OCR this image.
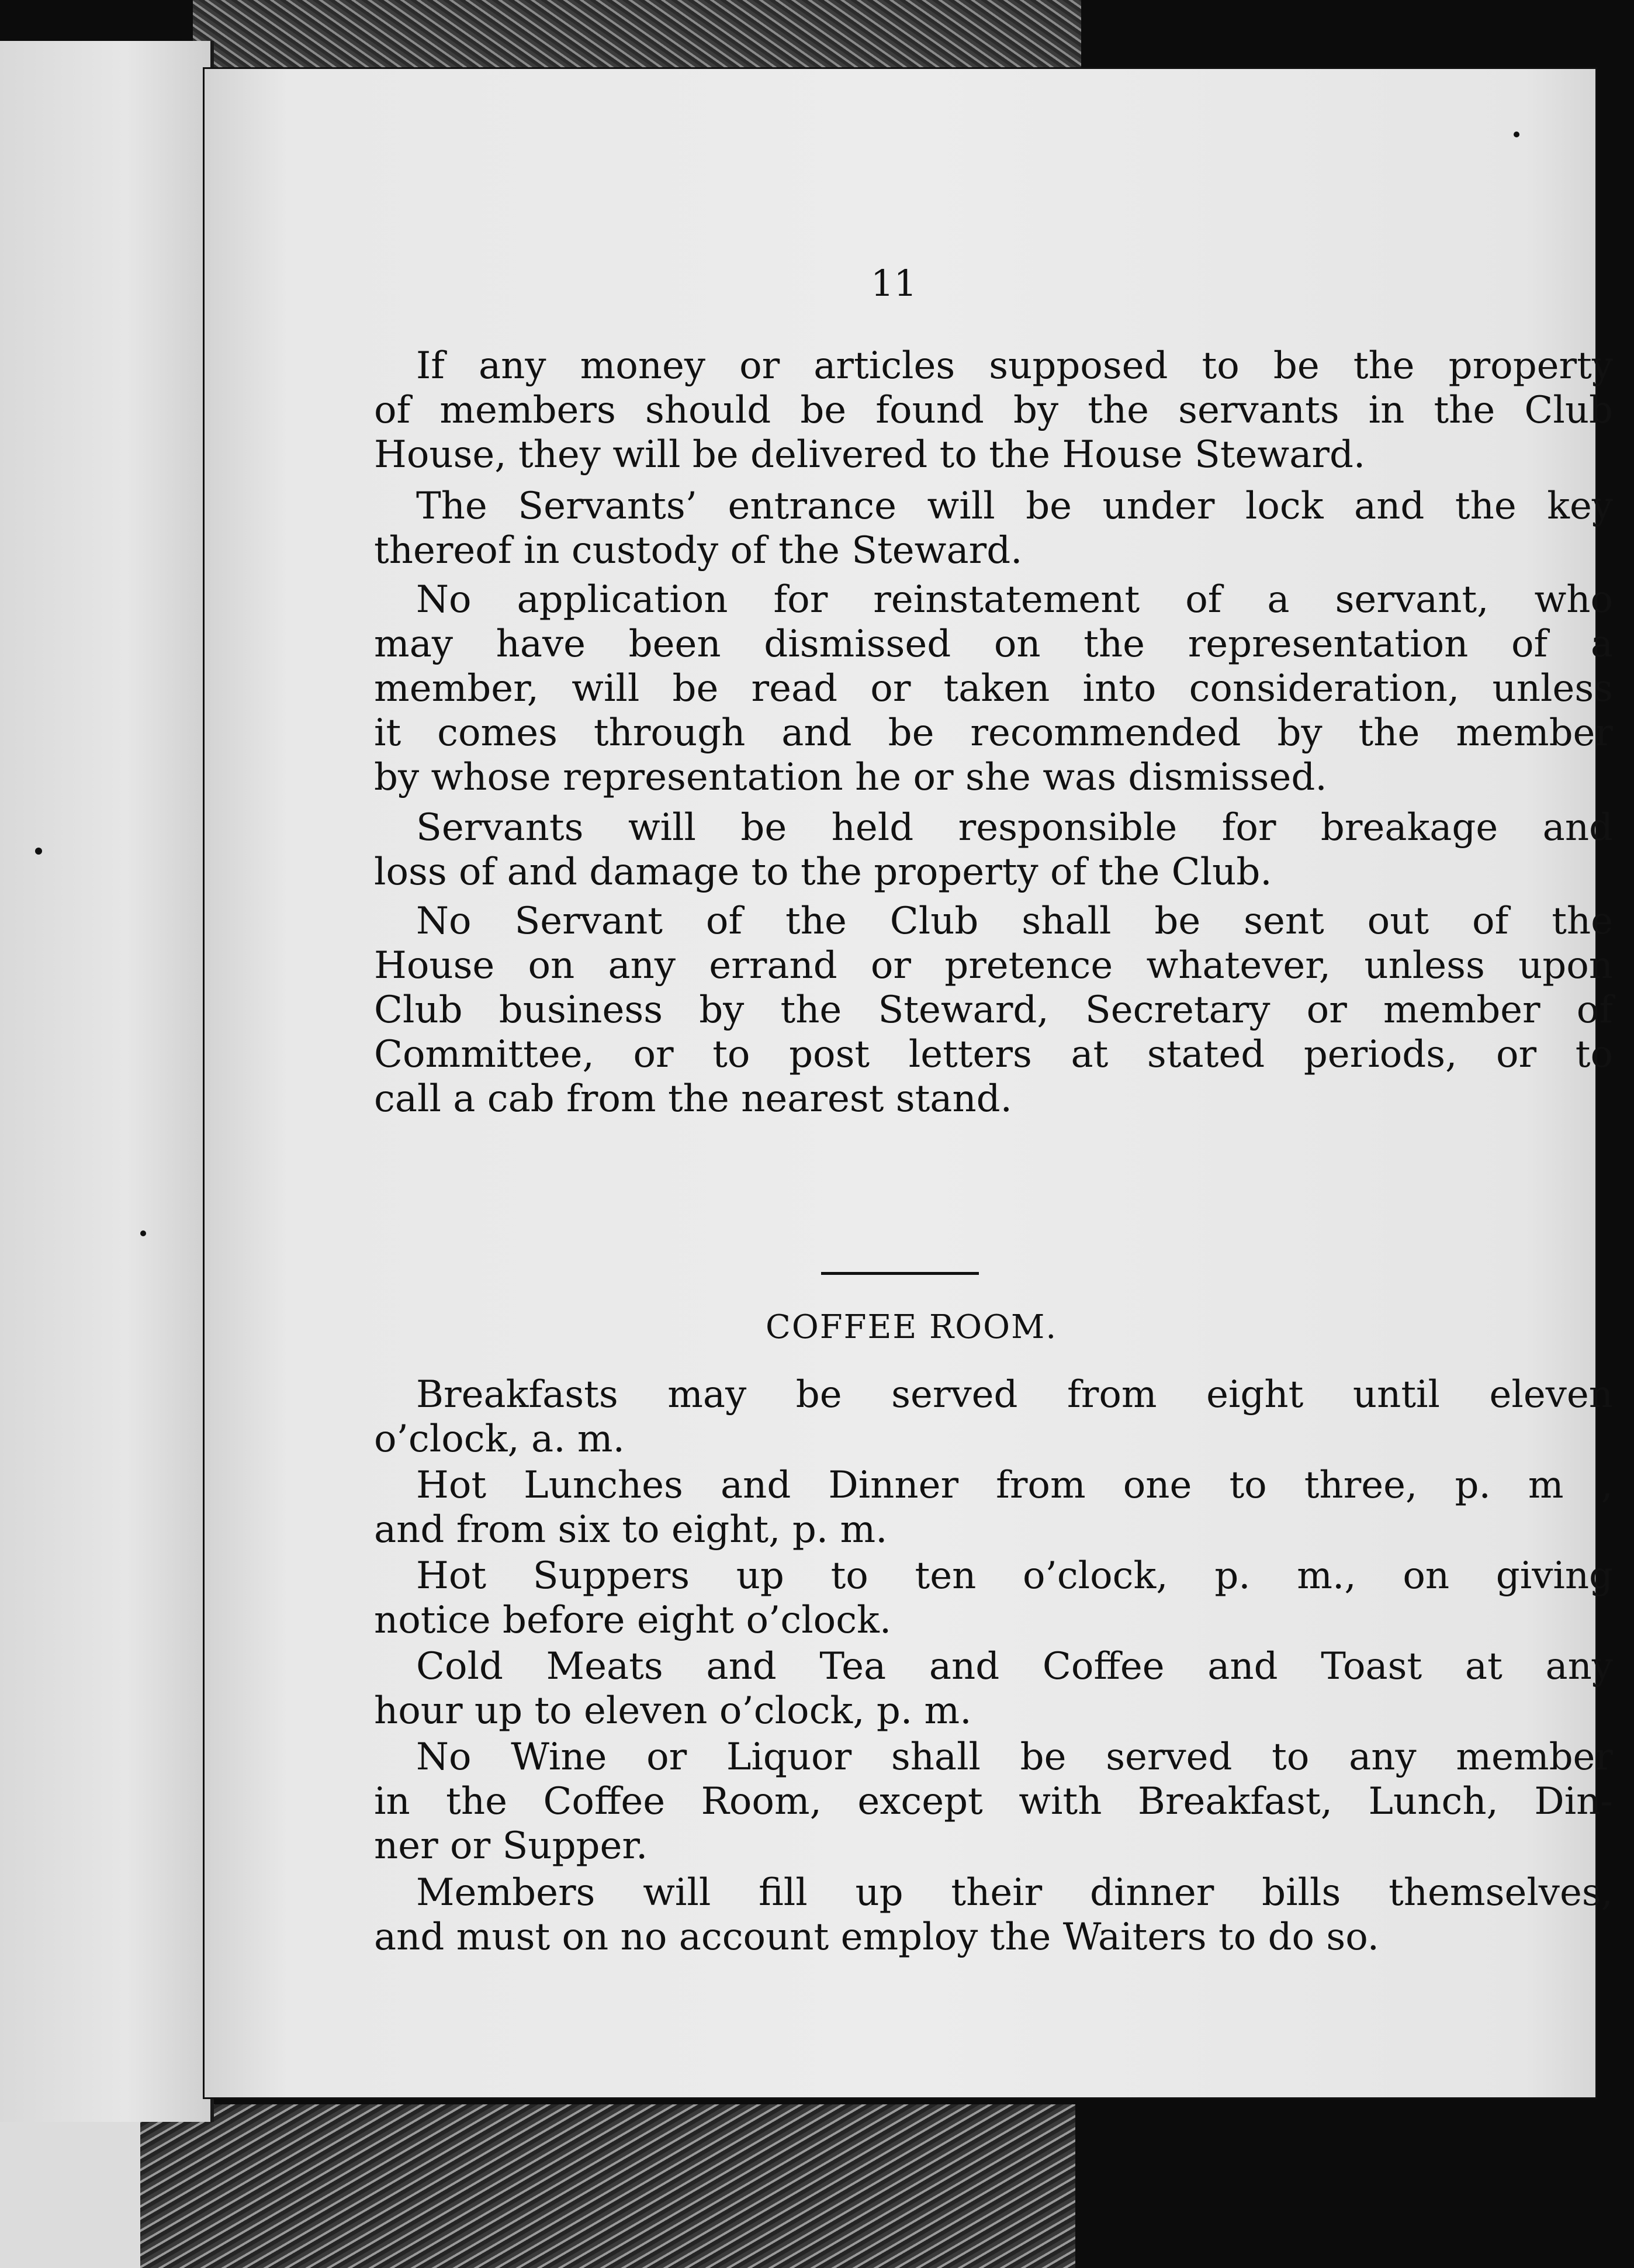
11
If any money or articles supposed to be the property
of members should be found by the servants in the Club
House, they will be delivered to the House Steward.
The Servants’ entrance will be under lock and the key
thereof in custody of the Steward.
No application for reinstatement of a servant, who
may have been dismissed on the representation of a
member, will be read or taken into consideration, unless
it comes through and be recommended by the member
by whose representation he or she was dismissed.
Servants will be held responsible for breakage and
loss of and damage to the property of the Club.
No Servant of the Club shall be sent out of the
House on any errand or pretence whatever, unless upon
Club business by the Steward, Secretary or member of
Committee, or to post letters at stated periods, or to
call a cab from the nearest stand.
COFFEE ROOM.
Breakfasts may be served from eight until eleven
o’clock, a. m.
Hot Lunches and Dinner from one to three, p. m ,
and from six to eight, p. m.
Hot Suppers up to ten o’clock, p. m., on giving
notice before eight o’clock.
Cold Meats and Tea and Coffee and Toast at any
hour up to eleven o’clock, p. m.
No Wine or Liquor shall be served to any member
in the Coffee Room, except with Breakfast, Lunch, Din-
ner or Supper.
Members will fill up their dinner bills themselves,
and must on no account employ the Waiters to do so.
